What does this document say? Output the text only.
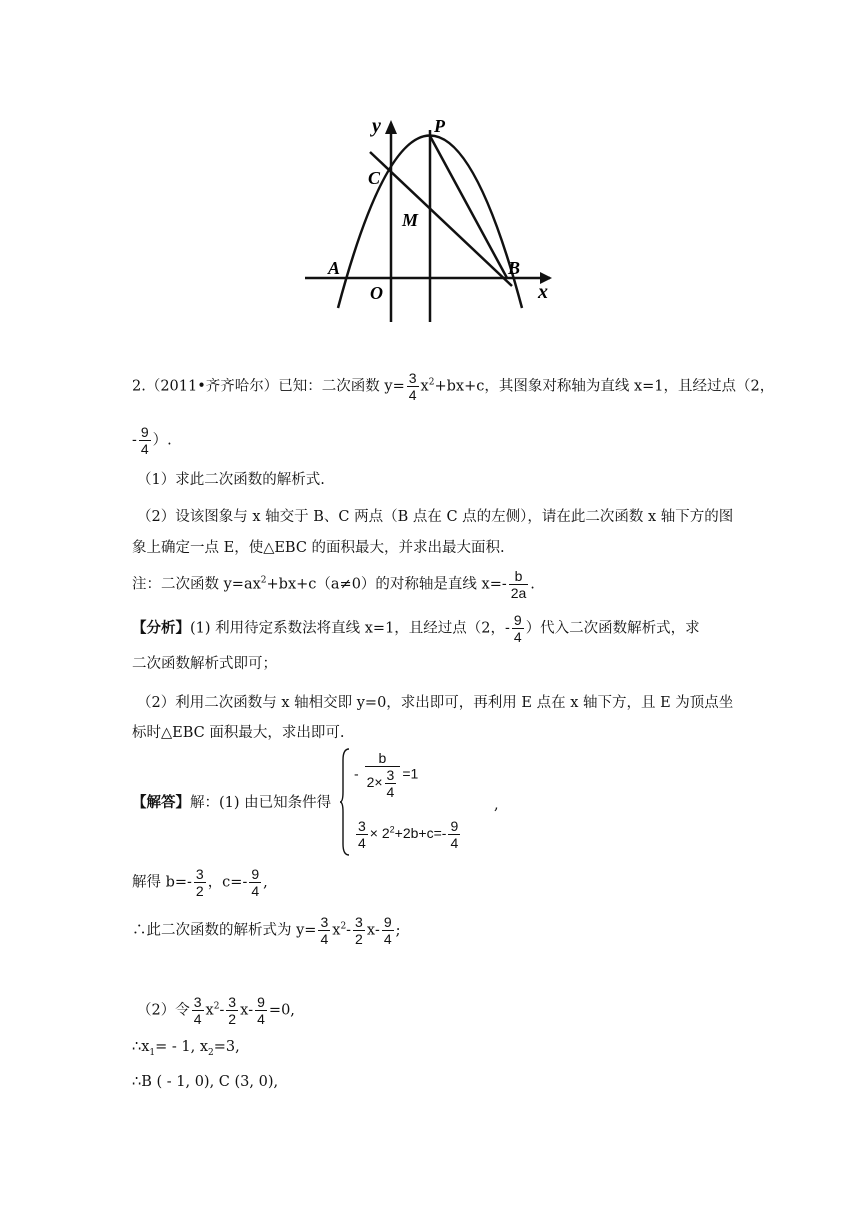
y
x
P
C
M
A
O
B
2.（2011•齐齐哈尔）已知：二次函数 $y= \frac{3}{4} x^2+bx+c$，其图象对称轴为直线 x=1，且经过点（2，
- $\frac{9}{4}$ ）.
（1）求此二次函数的解析式.
（2）设该图象与 x 轴交于 B、C 两点（B 点在 C 点的左侧），请在此二次函数 x 轴下方的图
象上确定一点 E，使△EBC 的面积最大，并求出最大面积.
注：二次函数 $y=ax^2+bx+c(a\ne 0)$的对称轴是直线 $x=- \frac{b}{2a}$ .
【分析】(1) 利用待定系数法将直线 x=1，且经过点（2，- $\frac{9}{4}$ ）代入二次函数解析式，求
二次函数解析式即可；
（2）利用二次函数与 x 轴相交即 y=0，求出即可，再利用 E 点在 x 轴下方，且 E 为顶点坐
标时△EBC 面积最大，求出即可.
【解答】解：(1) 由已知条件得
- $\frac{b}{2\times \frac{3}{4}} =1$
$\frac{3}{4} \times 2^2+2b+c=- \frac{9}{4}$
,
解得 $b=- \frac{3}{2}$ ，$c=- \frac{9}{4}$ ,
∴此二次函数的解析式为 $y= \frac{3}{4} x^2- \frac{3}{2} x- \frac{9}{4}$ ;
（2）令 $\frac{3}{4} x^2- \frac{3}{2} x- \frac{9}{4} =0$,
$\therefore x_1= - 1$, $x_2=3$,
∴B ( - 1, 0), C (3, 0),
